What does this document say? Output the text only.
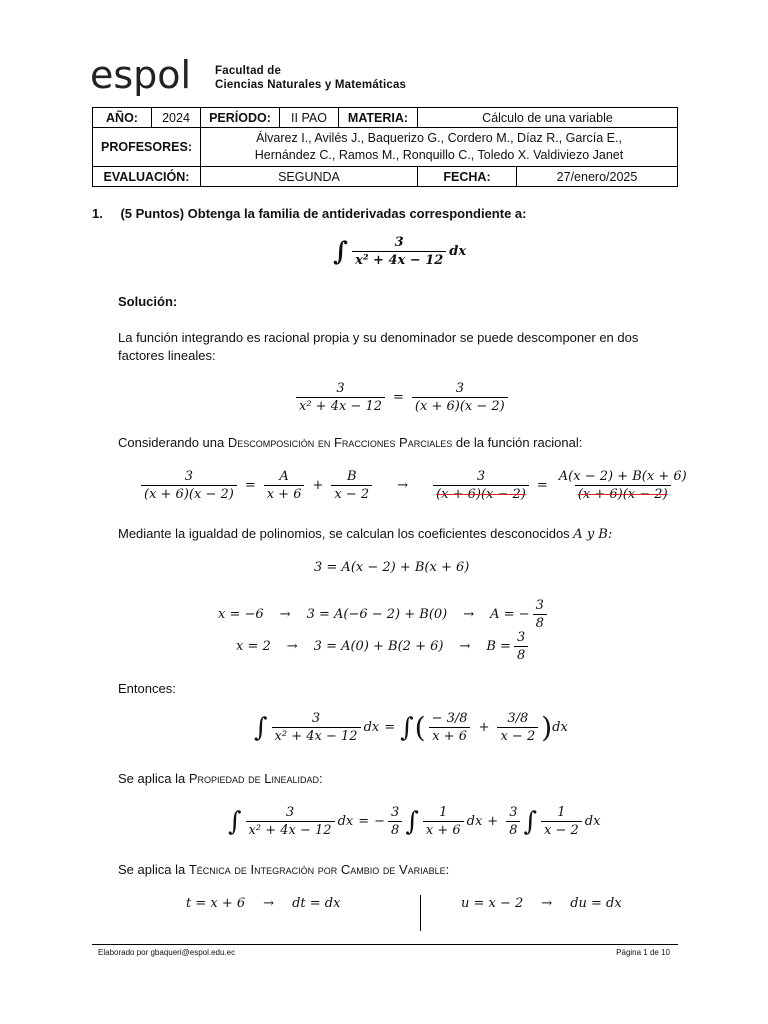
espol Facultad de
Ciencias Naturales y Matemáticas
AÑO:	2024	PERÍODO:	II PAO	MATERIA:	Cálculo de una variable	
PROFESORES:		Álvarez I., Avilés J., Baquerizo G., Cordero M., Díaz R., García E.,
Hernández C., Ramos M., Ronquillo C., Toledo X. Valdiviezo Janet				

EVALUACIÓN:		SEGUNDA			FECHA:	27/enero/2025
1. (5 Puntos) Obtenga la familia de antiderivadas correspondiente a:
∫ $\frac{3}{\text{x² + 4x − 12}}$ dx
Solución:
La función integrando es racional propia y su denominador se puede descomponer en dos factores lineales:
$\frac{3}{\text{x² + 4x − 12}} = \frac{3}{(x + 6)(x - 2)}$
Considerando una Descomposición en Fracciones Parciales de la función racional:
$\frac{3}{(x + 6)(x - 2)} = \frac{A}{x + 6} + \frac{B}{x - 2} \to \frac{3}{(x + 6)(x - 2)} = \frac{A(x - 2) + B(x + 6)}{(x + 6)(x - 2)}$
Mediante la igualdad de polinomios, se calculan los coeficientes desconocidos A y B:
3 = A(x − 2) + B(x + 6)
x = −6 → 3 = A(−6 − 2) + B(0) → A = − $\frac{3}{8}$
$x = 2 \to 3 = A(0) + B(2 + 6) \to B = \frac{3}{8}$
Entonces:
∫ $\frac{3}{\text{x² + 4x − 12}}$ dx = ∫ ( $\frac{- 3/8}{x + 6} + \frac{3/8}{x - 2}$ ) dx
Se aplica la Propiedad de Linealidad:
∫ $\frac{3}{\text{x² + 4x − 12}}$ dx = − $\frac{3}{8}$ ∫ $\frac{1}{x + 6}$ dx + $\frac{3}{8}$ ∫ $\frac{1}{x - 2}$ dx
Se aplica la Técnica de Integración por Cambio de Variable:
t = x + 6 → dt = dx	u = x − 2 → du = dx
Elaborado por gbaqueri@espol.edu.ec	Página 1 de 10
